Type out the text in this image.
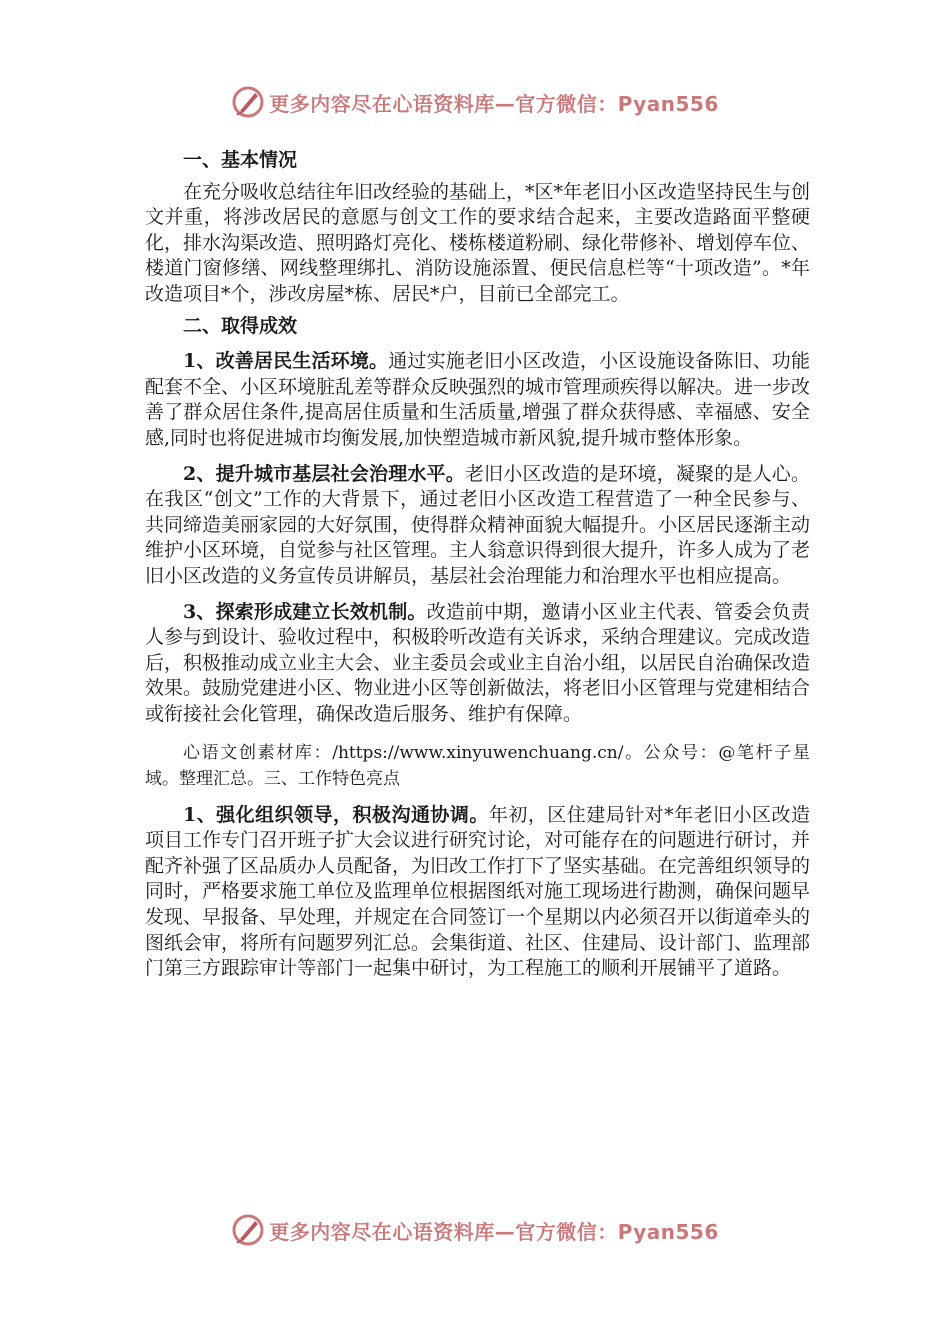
更多内容尽在心语资料库—官方微信：Pyan556

一、基本情况

在充分吸收总结往年旧改经验的基础上，*区*年老旧小区改造坚持民生与创文并重，将涉改居民的意愿与创文工作的要求结合起来，主要改造路面平整硬化，排水沟渠改造、照明路灯亮化、楼栋楼道粉刷、绿化带修补、增划停车位、楼道门窗修缮、网线整理绑扎、消防设施添置、便民信息栏等“十项改造”。*年改造项目*个，涉改房屋*栋、居民*户，目前已全部完工。

二、取得成效

1、改善居民生活环境。通过实施老旧小区改造，小区设施设备陈旧、功能配套不全、小区环境脏乱差等群众反映强烈的城市管理顽疾得以解决。进一步改善了群众居住条件,提高居住质量和生活质量,增强了群众获得感、幸福感、安全感,同时也将促进城市均衡发展,加快塑造城市新风貌,提升城市整体形象。

2、提升城市基层社会治理水平。老旧小区改造的是环境，凝聚的是人心。在我区“创文”工作的大背景下，通过老旧小区改造工程营造了一种全民参与、共同缔造美丽家园的大好氛围，使得群众精神面貌大幅提升。小区居民逐渐主动维护小区环境，自觉参与社区管理。主人翁意识得到很大提升，许多人成为了老旧小区改造的义务宣传员讲解员，基层社会治理能力和治理水平也相应提高。

3、探索形成建立长效机制。改造前中期，邀请小区业主代表、管委会负责人参与到设计、验收过程中，积极聆听改造有关诉求，采纳合理建议。完成改造后，积极推动成立业主大会、业主委员会或业主自治小组，以居民自治确保改造效果。鼓励党建进小区、物业进小区等创新做法，将老旧小区管理与党建相结合或衔接社会化管理，确保改造后服务、维护有保障。

心语文创素材库：/https://www.xinyuwenchuang.cn/。公众号：@笔杆子星域。整理汇总。三、工作特色亮点

1、强化组织领导，积极沟通协调。年初，区住建局针对*年老旧小区改造项目工作专门召开班子扩大会议进行研究讨论，对可能存在的问题进行研讨，并配齐补强了区品质办人员配备，为旧改工作打下了坚实基础。在完善组织领导的同时，严格要求施工单位及监理单位根据图纸对施工现场进行勘测，确保问题早发现、早报备、早处理，并规定在合同签订一个星期以内必须召开以街道牵头的图纸会审，将所有问题罗列汇总。会集街道、社区、住建局、设计部门、监理部门第三方跟踪审计等部门一起集中研讨，为工程施工的顺利开展铺平了道路。

更多内容尽在心语资料库—官方微信：Pyan556
